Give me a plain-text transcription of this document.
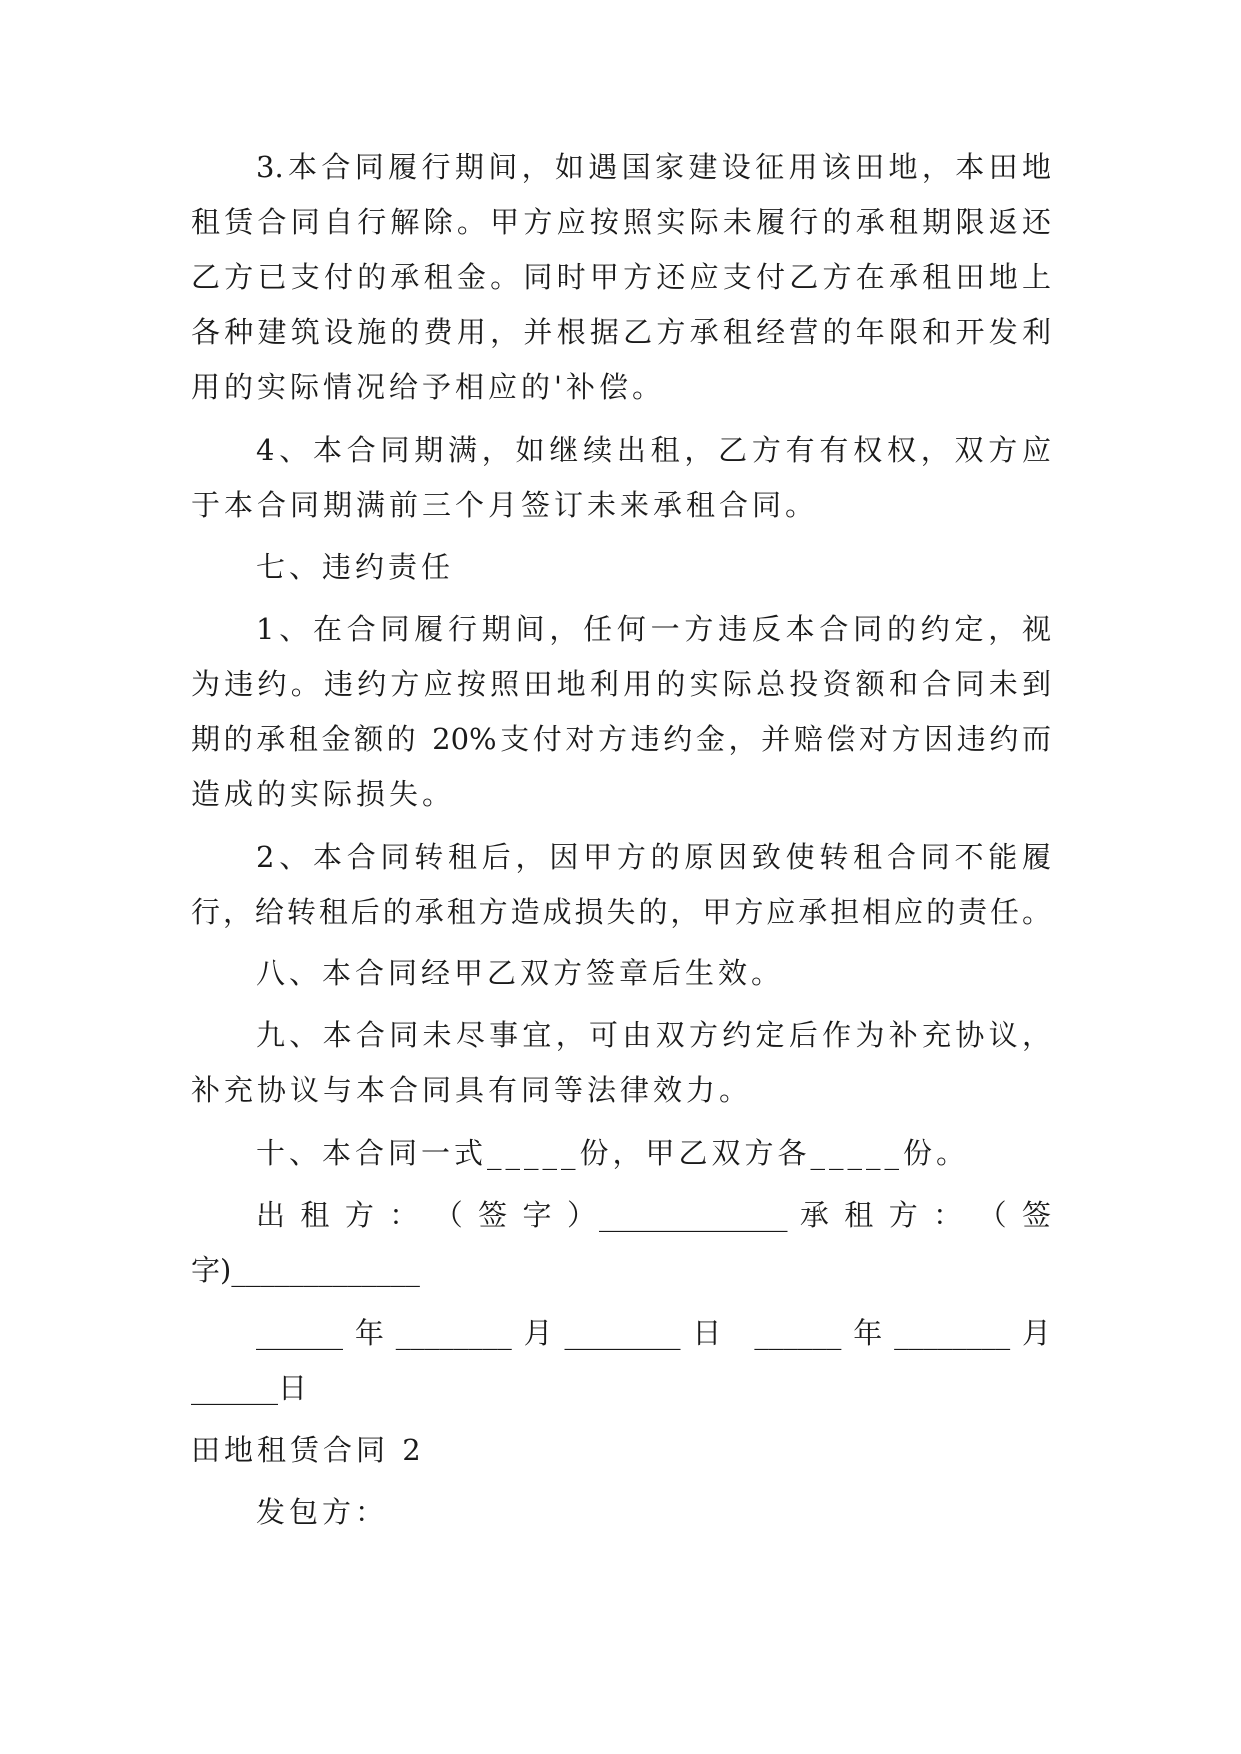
3.本合同履行期间，如遇国家建设征用该田地，本田地
租赁合同自行解除。甲方应按照实际未履行的承租期限返还
乙方已支付的承租金。同时甲方还应支付乙方在承租田地上
各种建筑设施的费用，并根据乙方承租经营的年限和开发利
用的实际情况给予相应的'补偿。
4、本合同期满，如继续出租，乙方有有权权，双方应
于本合同期满前三个月签订未来承租合同。
七、违约责任
1、在合同履行期间，任何一方违反本合同的约定，视
为违约。违约方应按照田地利用的实际总投资额和合同未到
期的承租金额的 20%支付对方违约金，并赔偿对方因违约而
造成的实际损失。
2、本合同转租后，因甲方的原因致使转租合同不能履
行，给转租后的承租方造成损失的，甲方应承担相应的责任。
八、本合同经甲乙双方签章后生效。
九、本合同未尽事宜，可由双方约定后作为补充协议，
补充协议与本合同具有同等法律效力。
十、本合同一式_____份，甲乙双方各_____份。
出 租 方 ： （ 签 字 ）_____________ 承 租 方 ： （ 签
字)_____________
______年________月________日 ______年________月
______日
田地租赁合同 2
发包方：
